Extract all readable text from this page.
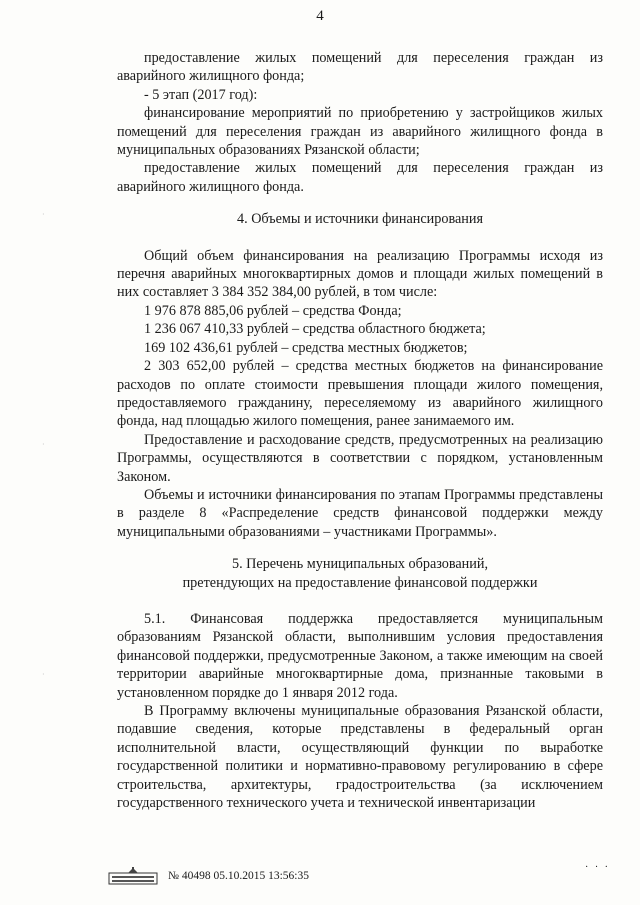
4

предоставление жилых помещений для переселения граждан из аварийного жилищного фонда;

- 5 этап (2017 год):

финансирование мероприятий по приобретению у застройщиков жилых помещений для переселения граждан из аварийного жилищного фонда в муниципальных образованиях Рязанской области;

предоставление жилых помещений для переселения граждан из аварийного жилищного фонда.

4. Объемы и источники финансирования

Общий объем финансирования на реализацию Программы исходя из перечня аварийных многоквартирных домов и площади жилых помещений в них составляет 3 384 352 384,00 рублей, в том числе:

1 976 878 885,06 рублей – средства Фонда;

1 236 067 410,33 рублей – средства областного бюджета;

169 102 436,61 рублей – средства местных бюджетов;

2 303 652,00 рублей – средства местных бюджетов на финансирование расходов по оплате стоимости превышения площади жилого помещения, предоставляемого гражданину, переселяемому из аварийного жилищного фонда, над площадью жилого помещения, ранее занимаемого им.

Предоставление и расходование средств, предусмотренных на реализацию Программы, осуществляются в соответствии с порядком, установленным Законом.

Объемы и источники финансирования по этапам Программы представлены в разделе 8 «Распределение средств финансовой поддержки между муниципальными образованиями – участниками Программы».

5. Перечень муниципальных образований,

претендующих на предоставление финансовой поддержки

5.1. Финансовая поддержка предоставляется муниципальным образованиям Рязанской области, выполнившим условия предоставления финансовой поддержки, предусмотренные Законом, а также имеющим на своей территории аварийные многоквартирные дома, признанные таковыми в установленном порядке до 1 января 2012 года.

В Программу включены муниципальные образования Рязанской области, подавшие сведения, которые представлены в федеральный орган исполнительной власти, осуществляющий функции по выработке государственной политики и нормативно-правовому регулированию в сфере строительства, архитектуры, градостроительства (за исключением государственного технического учета и технической инвентаризации

№ 40498 05.10.2015 13:56:35
· · ·
·
·
·
